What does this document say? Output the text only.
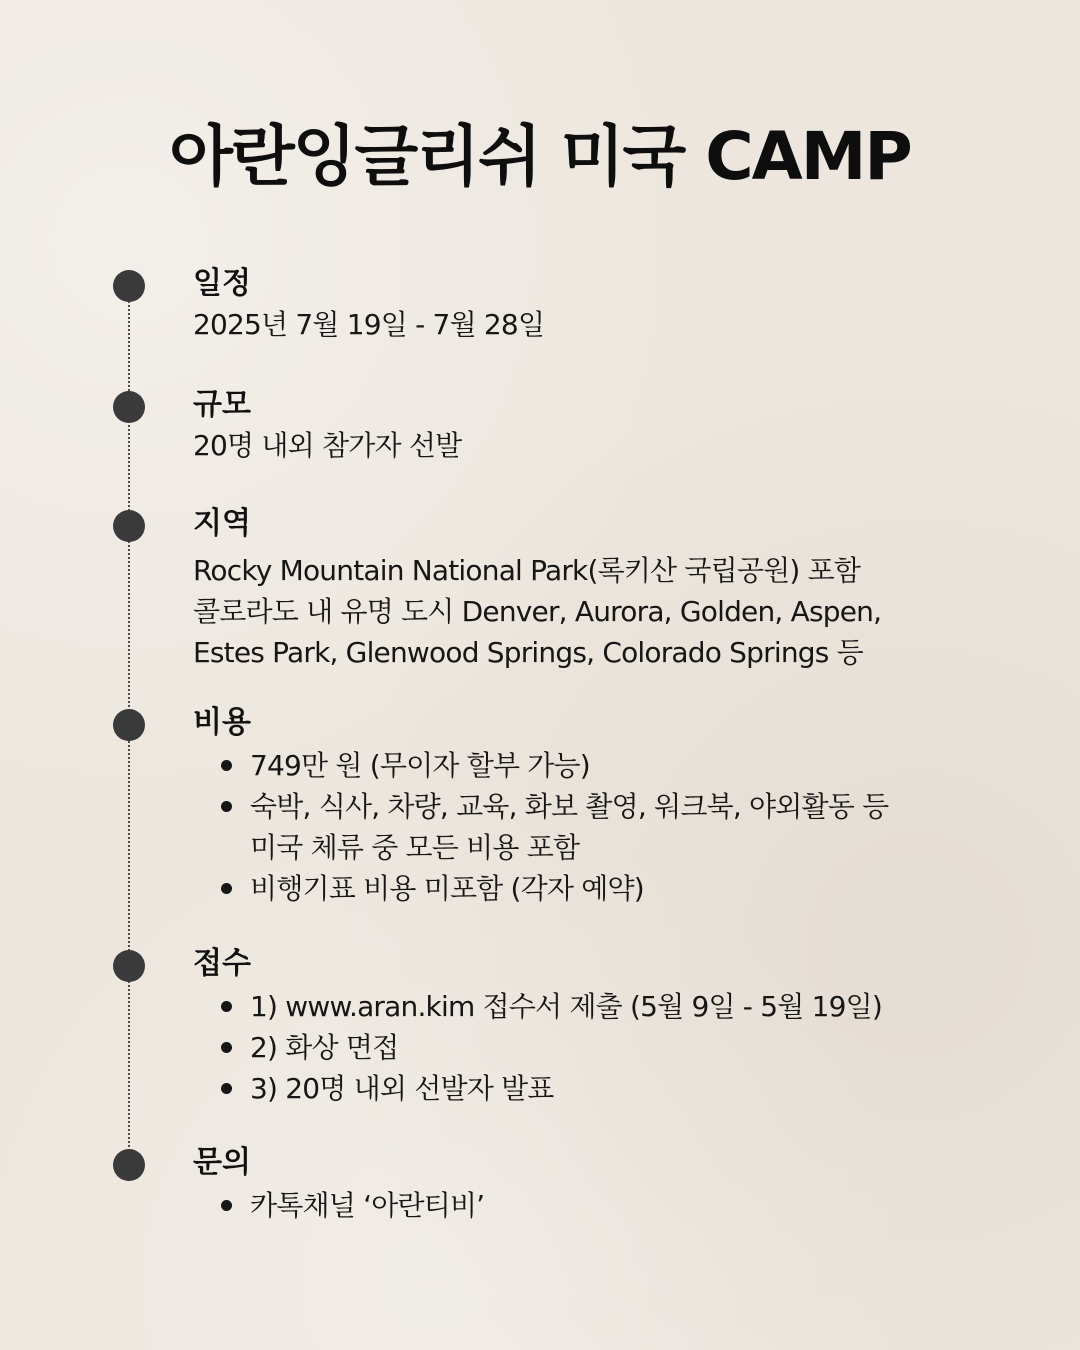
아란잉글리쉬 미국 CAMP
일정
2025년 7월 19일 - 7월 28일
규모
20명 내외 참가자 선발
지역
Rocky Mountain National Park(록키산 국립공원) 포함
콜로라도 내 유명 도시 Denver, Aurora, Golden, Aspen,
Estes Park, Glenwood Springs, Colorado Springs 등
비용
749만 원 (무이자 할부 가능)
숙박, 식사, 차량, 교육, 화보 촬영, 워크북, 야외활동 등
미국 체류 중 모든 비용 포함
비행기표 비용 미포함 (각자 예약)
접수
1) www.aran.kim 접수서 제출 (5월 9일 - 5월 19일)
2) 화상 면접
3) 20명 내외 선발자 발표
문의
카톡채널 ‘아란티비’
